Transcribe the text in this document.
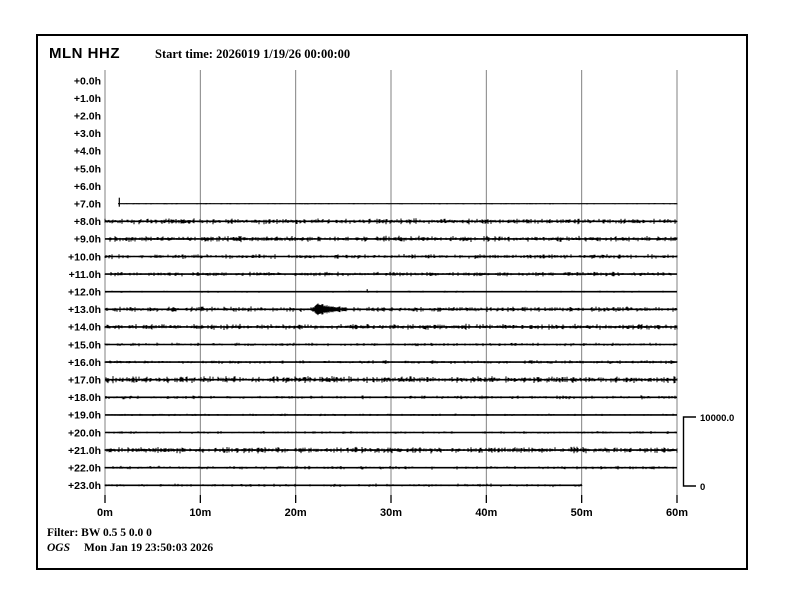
0m	10m	20m	30m	40m	50m	60m
+0.0h
+1.0h
+2.0h
+3.0h
+4.0h
+5.0h
+6.0h
+7.0h
+8.0h
+9.0h
+10.0h
+11.0h
+12.0h
+13.0h
+14.0h
+15.0h
+16.0h
+17.0h
+18.0h
+19.0h
+20.0h
+21.0h
+22.0h
+23.0h
10000.0
0
MLN HHZ	Start time: 2026019 1/19/26 00:00:00
Filter: BW 0.5 5 0.0 0
OGS Mon Jan 19 23:50:03 2026
